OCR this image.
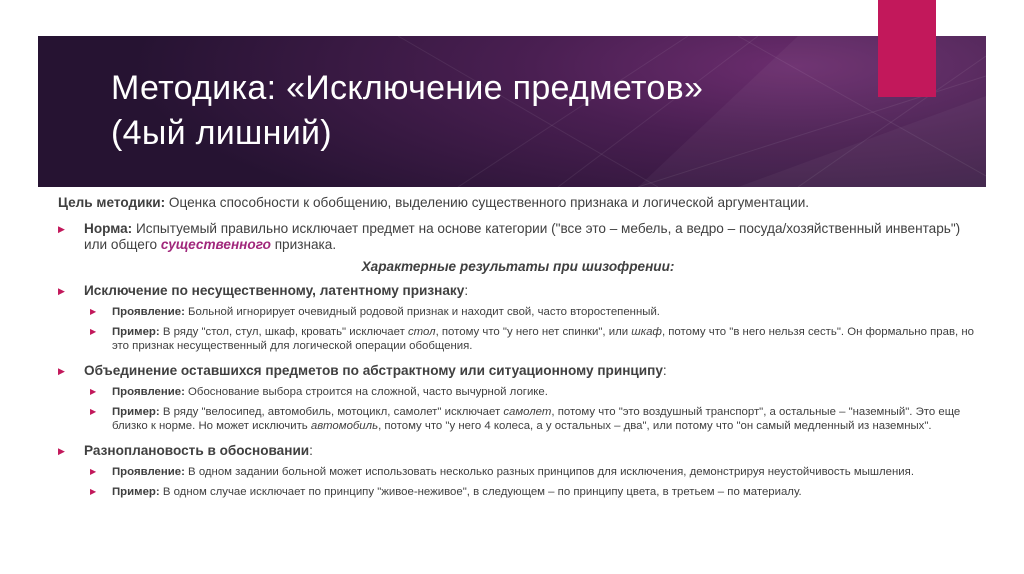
Методика: «Исключение предметов»
(4ый лишний)

Цель методики: Оценка способности к обобщению, выделению существенного признака и логической аргументации.

▶ Норма: Испытуемый правильно исключает предмет на основе категории ("все это – мебель, а ведро – посуда/хозяйственный инвентарь") или общего существенного признака.

Характерные результаты при шизофрении:

▶ Исключение по несущественному, латентному признаку:

▶ Проявление: Больной игнорирует очевидный родовой признак и находит свой, часто второстепенный.

▶ Пример: В ряду "стол, стул, шкаф, кровать" исключает стол, потому что "у него нет спинки", или шкаф, потому что "в него нельзя сесть". Он формально прав, но это признак несущественный для логической операции обобщения.

▶ Объединение оставшихся предметов по абстрактному или ситуационному принципу:

▶ Проявление: Обоснование выбора строится на сложной, часто вычурной логике.

▶ Пример: В ряду "велосипед, автомобиль, мотоцикл, самолет" исключает самолет, потому что "это воздушный транспорт", а остальные – "наземный". Это еще близко к норме. Но может исключить автомобиль, потому что "у него 4 колеса, а у остальных – два", или потому что "он самый медленный из наземных".

▶ Разноплановость в обосновании:

▶ Проявление: В одном задании больной может использовать несколько разных принципов для исключения, демонстрируя неустойчивость мышления.

▶ Пример: В одном случае исключает по принципу "живое-неживое", в следующем – по принципу цвета, в третьем – по материалу.
